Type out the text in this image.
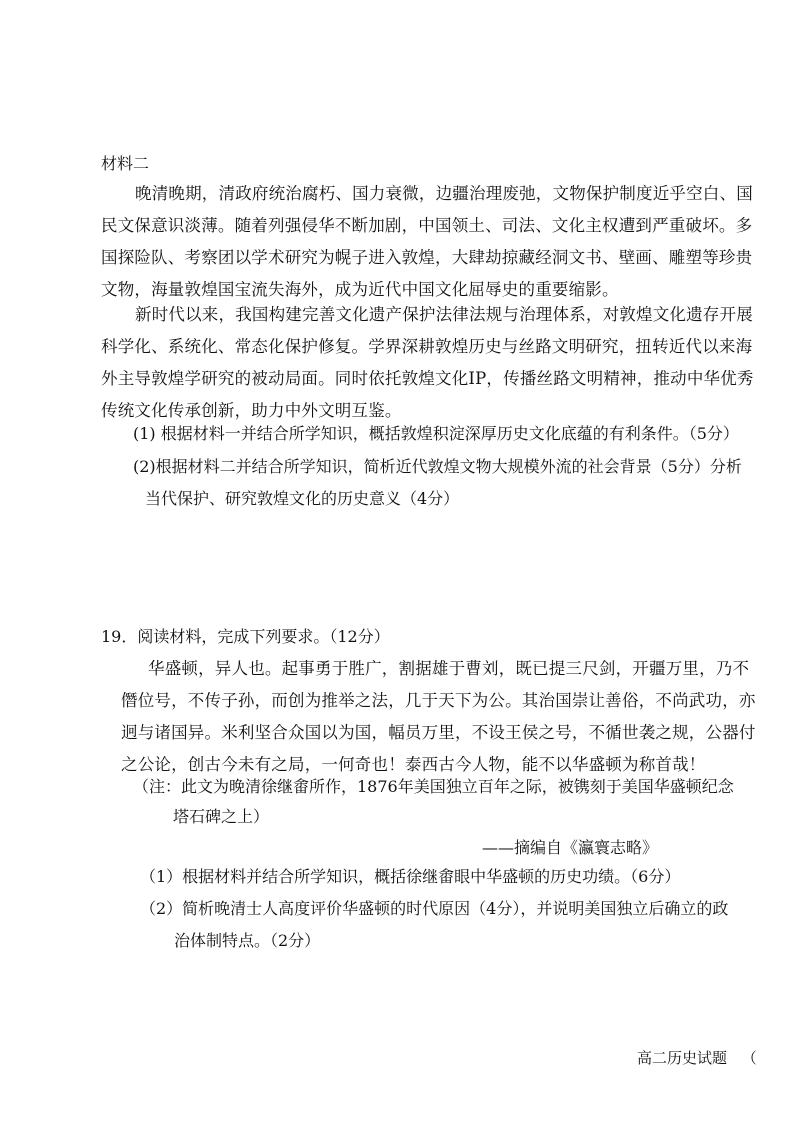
材料二
晚清晚期，清政府统治腐朽、国力衰微，边疆治理废弛，文物保护制度近乎空白、国
民文保意识淡薄。随着列强侵华不断加剧，中国领土、司法、文化主权遭到严重破坏。多
国探险队、考察团以学术研究为幌子进入敦煌，大肆劫掠藏经洞文书、壁画、雕塑等珍贵
文物，海量敦煌国宝流失海外，成为近代中国文化屈辱史的重要缩影。
新时代以来，我国构建完善文化遗产保护法律法规与治理体系，对敦煌文化遗存开展
科学化、系统化、常态化保护修复。学界深耕敦煌历史与丝路文明研究，扭转近代以来海
外主导敦煌学研究的被动局面。同时依托敦煌文化IP，传播丝路文明精神，推动中华优秀
传统文化传承创新，助力中外文明互鉴。
(1) 根据材料一并结合所学知识，概括敦煌积淀深厚历史文化底蕴的有利条件。（5分）
(2)根据材料二并结合所学知识，简析近代敦煌文物大规模外流的社会背景（5分）分析
当代保护、研究敦煌文化的历史意义（4分）
19．阅读材料，完成下列要求。（12分）
华盛顿，异人也。起事勇于胜广，割据雄于曹刘，既已提三尺剑，开疆万里，乃不
僭位号，不传子孙，而创为推举之法，几于天下为公。其治国崇让善俗，不尚武功，亦
迥与诸国异。米利坚合众国以为国，幅员万里，不设王侯之号，不循世袭之规，公器付
之公论，创古今未有之局，一何奇也！泰西古今人物，能不以华盛顿为称首哉！
（注：此文为晚清徐继畬所作，1876年美国独立百年之际，被镌刻于美国华盛顿纪念
塔石碑之上）
——摘编自《瀛寰志略》
（1）根据材料并结合所学知识，概括徐继畬眼中华盛顿的历史功绩。（6分）
（2）简析晚清士人高度评价华盛顿的时代原因（4分），并说明美国独立后确立的政
治体制特点。（2分）
高二历史试题 （
